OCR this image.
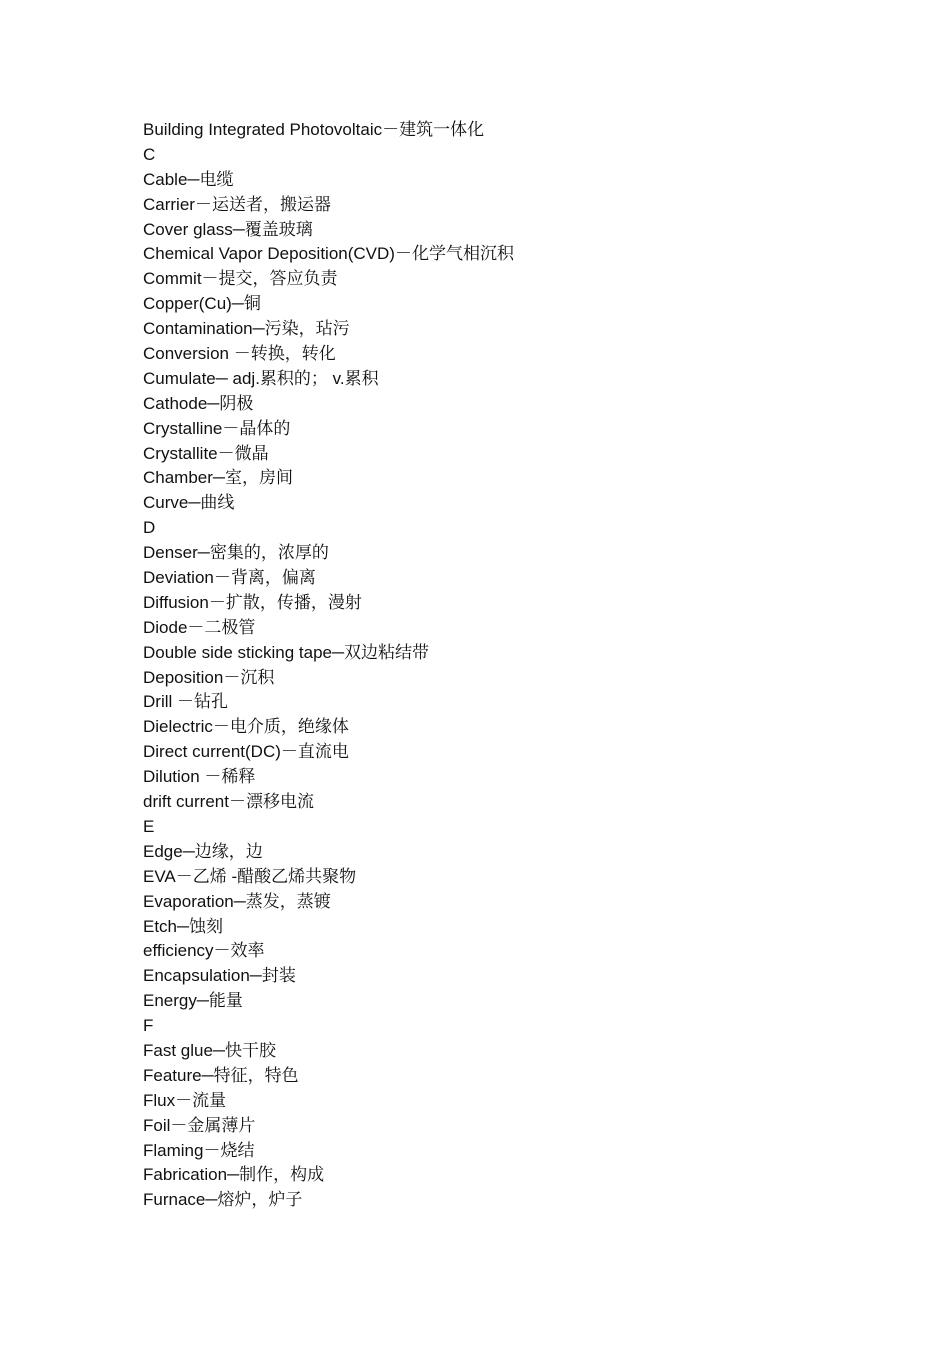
Building Integrated Photovoltaic－建筑一体化
C
Cable─电缆
Carrier－运送者，搬运器
Cover glass─覆盖玻璃
Chemical Vapor Deposition(CVD)－化学气相沉积
Commit－提交，答应负责
Copper(Cu)─铜
Contamination─污染，玷污
Conversion －转换，转化
Cumulate─ adj.累积的； v.累积
Cathode─阴极
Crystalline－晶体的
Crystallite－微晶
Chamber─室，房间
Curve─曲线
D
Denser─密集的，浓厚的
Deviation－背离，偏离
Diffusion－扩散，传播，漫射
Diode－二极管
Double side sticking tape─双边粘结带
Deposition－沉积
Drill －钻孔
Dielectric－电介质，绝缘体
Direct current(DC)－直流电
Dilution －稀释
drift current－漂移电流
E
Edge─边缘，边
EVA－乙烯 -醋酸乙烯共聚物
Evaporation─蒸发，蒸镀
Etch─蚀刻
efficiency－效率
Encapsulation─封装
Energy─能量
F
Fast glue─快干胶
Feature─特征，特色
Flux－流量
Foil－金属薄片
Flaming－烧结
Fabrication─制作，构成
Furnace─熔炉，炉子
